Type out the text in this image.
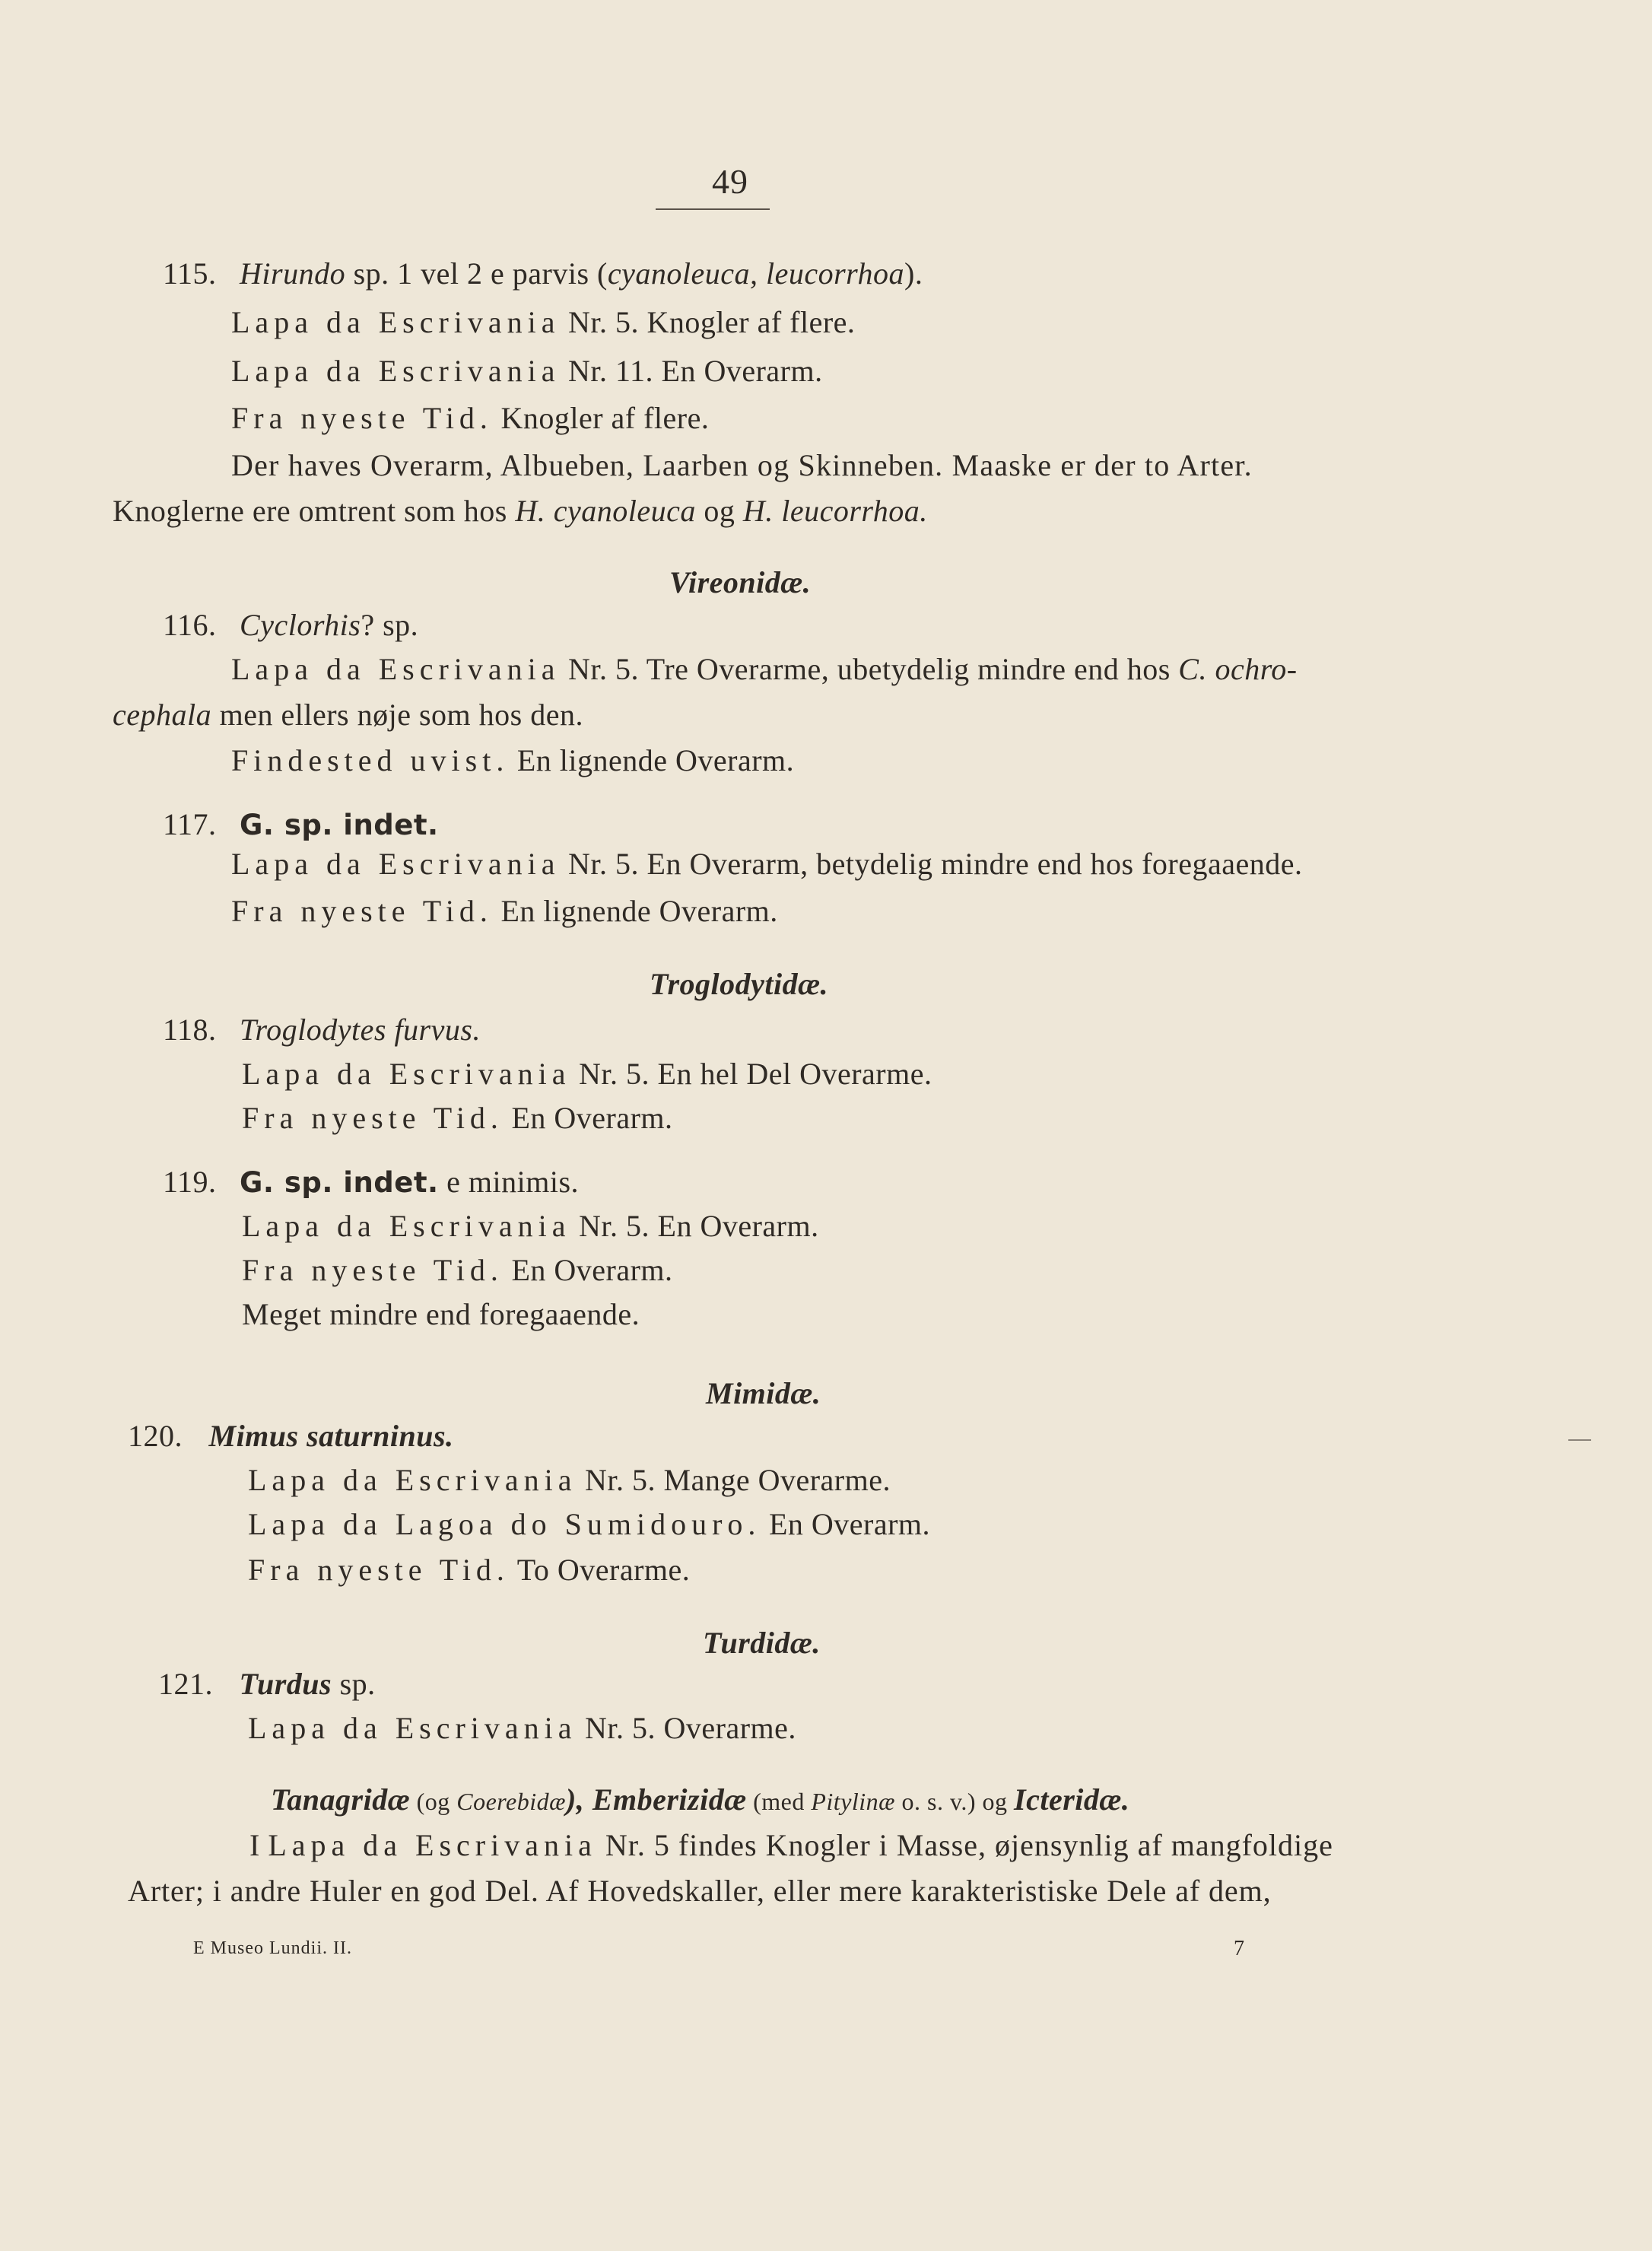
49
115. Hirundo sp. 1 vel 2 e parvis (cyanoleuca, leucorrhoa).
Lapa da Escrivania Nr. 5. Knogler af flere.
Lapa da Escrivania Nr. 11. En Overarm.
Fra nyeste Tid. Knogler af flere.
Der haves Overarm, Albueben, Laarben og Skinneben. Maaske er der to Arter.
Knoglerne ere omtrent som hos H. cyanoleuca og H. leucorrhoa.
Vireonidæ.
116. Cyclorhis? sp.
Lapa da Escrivania Nr. 5. Tre Overarme, ubetydelig mindre end hos C. ochro-
cephala men ellers nøje som hos den.
Findested uvist. En lignende Overarm.
117. G. sp. indet.
Lapa da Escrivania Nr. 5. En Overarm, betydelig mindre end hos foregaaende.
Fra nyeste Tid. En lignende Overarm.
Troglodytidæ.
118. Troglodytes furvus.
Lapa da Escrivania Nr. 5. En hel Del Overarme.
Fra nyeste Tid. En Overarm.
119. G. sp. indet. e minimis.
Lapa da Escrivania Nr. 5. En Overarm.
Fra nyeste Tid. En Overarm.
Meget mindre end foregaaende.
Mimidæ.
120. Mimus saturninus.
Lapa da Escrivania Nr. 5. Mange Overarme.
Lapa da Lagoa do Sumidouro. En Overarm.
Fra nyeste Tid. To Overarme.
Turdidæ.
121. Turdus sp.
Lapa da Escrivania Nr. 5. Overarme.
Tanagridæ (og Coerebidæ), Emberizidæ (med Pitylinæ o. s. v.) og Icteridæ.
I Lapa da Escrivania Nr. 5 findes Knogler i Masse, øjensynlig af mangfoldige
Arter; i andre Huler en god Del. Af Hovedskaller, eller mere karakteristiske Dele af dem,
E Museo Lundii. II.	7
